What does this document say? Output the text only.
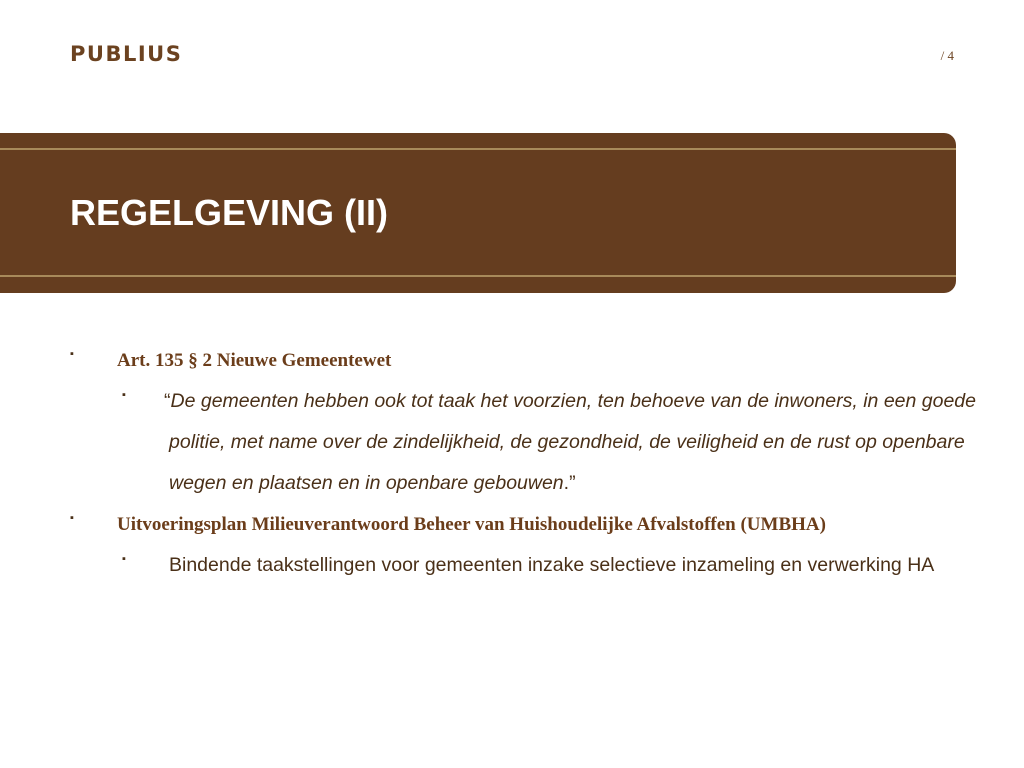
PUBLIUS	/ 4
REGELGEVING (II)
▪ Art. 135 § 2 Nieuwe Gemeentewet
▪ “De gemeenten hebben ook tot taak het voorzien, ten behoeve van de inwoners, in een goede politie, met name over de zindelijkheid, de gezondheid, de veiligheid en de rust op openbare wegen en plaatsen en in openbare gebouwen.”
▪ Uitvoeringsplan Milieuverantwoord Beheer van Huishoudelijke Afvalstoffen (UMBHA)
▪ Bindende taakstellingen voor gemeenten inzake selectieve inzameling en verwerking HA
